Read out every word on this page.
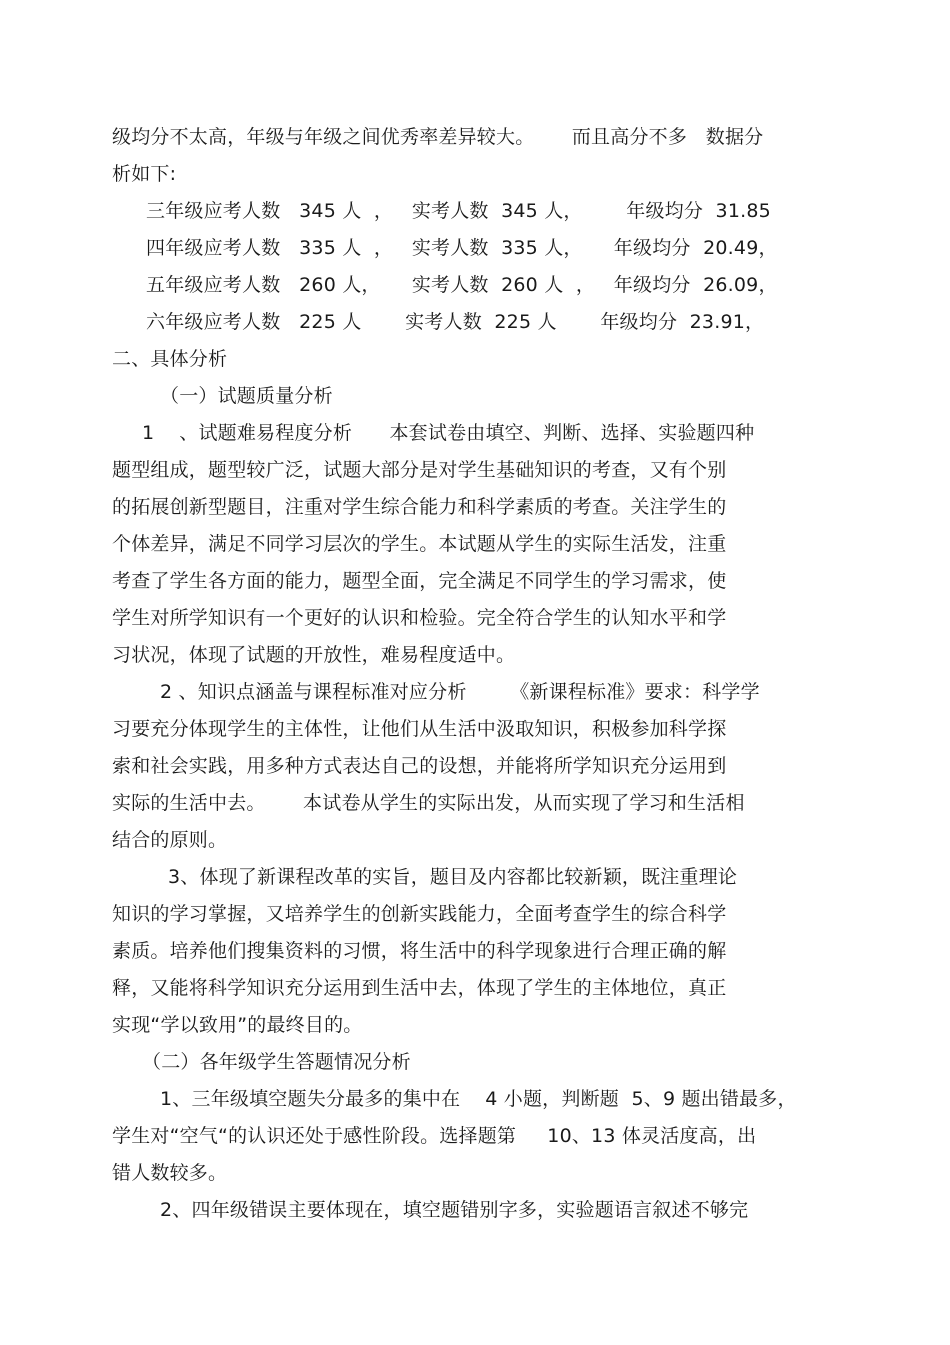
级均分不太高，年级与年级之间优秀率差异较大。      而且高分不多   数据分
析如下:
三年级应考人数   345 人  ，   实考人数  345 人，       年级均分  31.85
四年级应考人数   335 人  ，   实考人数  335 人，     年级均分  20.49，
五年级应考人数   260 人，     实考人数  260 人  ，   年级均分  26.09，
六年级应考人数   225 人       实考人数  225 人       年级均分  23.91，
二、具体分析
（一）试题质量分析
1    、试题难易程度分析      本套试卷由填空、判断、选择、实验题四种
题型组成，题型较广泛，试题大部分是对学生基础知识的考查，又有个别
的拓展创新型题目，注重对学生综合能力和科学素质的考查。关注学生的
个体差异，满足不同学习层次的学生。本试题从学生的实际生活发，注重
考查了学生各方面的能力，题型全面，完全满足不同学生的学习需求，使
学生对所学知识有一个更好的认识和检验。完全符合学生的认知水平和学
习状况，体现了试题的开放性，难易程度适中。
2 、知识点涵盖与课程标准对应分析       《新课程标准》要求：科学学
习要充分体现学生的主体性，让他们从生活中汲取知识，积极参加科学探
索和社会实践，用多种方式表达自己的设想，并能将所学知识充分运用到
实际的生活中去。      本试卷从学生的实际出发，从而实现了学习和生活相
结合的原则。
3、体现了新课程改革的实旨，题目及内容都比较新颖，既注重理论
知识的学习掌握，又培养学生的创新实践能力，全面考查学生的综合科学
素质。培养他们搜集资料的习惯，将生活中的科学现象进行合理正确的解
释，又能将科学知识充分运用到生活中去，体现了学生的主体地位，真正
实现“学以致用”的最终目的。
（二）各年级学生答题情况分析
1、三年级填空题失分最多的集中在    4 小题，判断题  5、9 题出错最多，
学生对“空气“的认识还处于感性阶段。选择题第     10、13 体灵活度高，出
错人数较多。
2、四年级错误主要体现在，填空题错别字多，实验题语言叙述不够完
